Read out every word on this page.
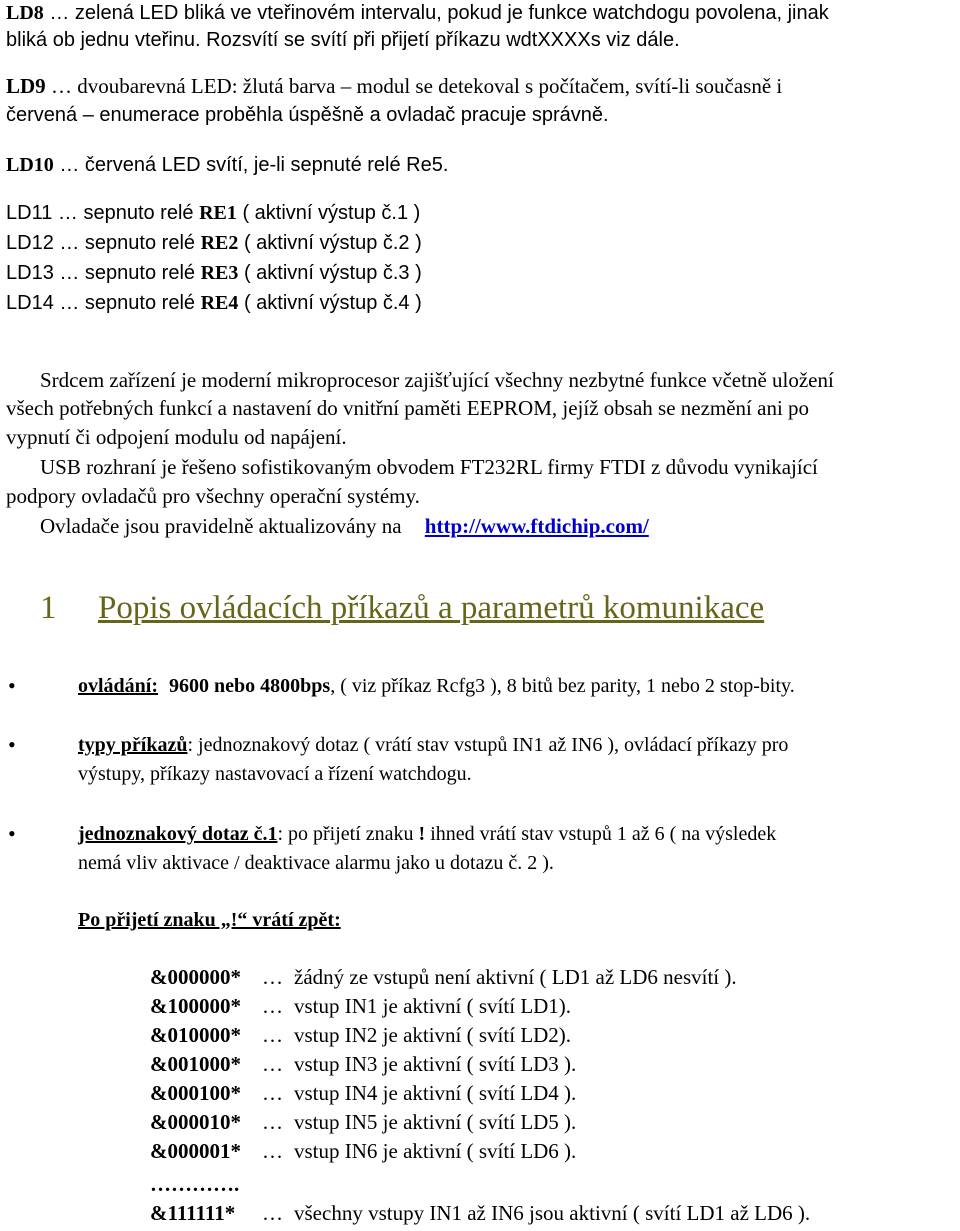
LD8 … zelená LED bliká ve vteřinovém intervalu, pokud je funkce watchdogu povolena, jinak
bliká ob jednu vteřinu. Rozsvítí se svítí při přijetí příkazu wdtXXXXs viz dále.
LD9 … dvoubarevná LED: žlutá barva – modul se detekoval s počítačem, svítí-li současně i
červená – enumerace proběhla úspěšně a ovladač pracuje správně.
LD10 … červená LED svítí, je-li sepnuté relé Re5.
LD11 … sepnuto relé RE1 ( aktivní výstup č.1 )
LD12 … sepnuto relé RE2 ( aktivní výstup č.2 )
LD13 … sepnuto relé RE3 ( aktivní výstup č.3 )
LD14 … sepnuto relé RE4 ( aktivní výstup č.4 )
Srdcem zařízení je moderní mikroprocesor zajišťující všechny nezbytné funkce včetně uložení
všech potřebných funkcí a nastavení do vnitřní paměti EEPROM, jejíž obsah se nezmění ani po
vypnutí či odpojení modulu od napájení.
USB rozhraní je řešeno sofistikovaným obvodem FT232RL firmy FTDI z důvodu vynikající
podpory ovladačů pro všechny operační systémy.
Ovladače jsou pravidelně aktualizovány na http://www.ftdichip.com/
1 Popis ovládacích příkazů a parametrů komunikace
•	ovládání: 9600 nebo 4800bps, ( viz příkaz Rcfg3 ), 8 bitů bez parity, 1 nebo 2 stop-bity.
•	typy příkazů: jednoznakový dotaz ( vrátí stav vstupů IN1 až IN6 ), ovládací příkazy pro
výstupy, příkazy nastavovací a řízení watchdogu.
•	jednoznakový dotaz č.1: po přijetí znaku ! ihned vrátí stav vstupů 1 až 6 ( na výsledek
nemá vliv aktivace / deaktivace alarmu jako u dotazu č. 2 ).
Po přijetí znaku „!“ vrátí zpět:
&000000* … žádný ze vstupů není aktivní ( LD1 až LD6 nesvítí ).
&100000* … vstup IN1 je aktivní ( svítí LD1).
&010000* … vstup IN2 je aktivní ( svítí LD2).
&001000* … vstup IN3 je aktivní ( svítí LD3 ).
&000100* … vstup IN4 je aktivní ( svítí LD4 ).
&000010* … vstup IN5 je aktivní ( svítí LD5 ).
&000001* … vstup IN6 je aktivní ( svítí LD6 ).
………….
&111111* … všechny vstupy IN1 až IN6 jsou aktivní ( svítí LD1 až LD6 ).
